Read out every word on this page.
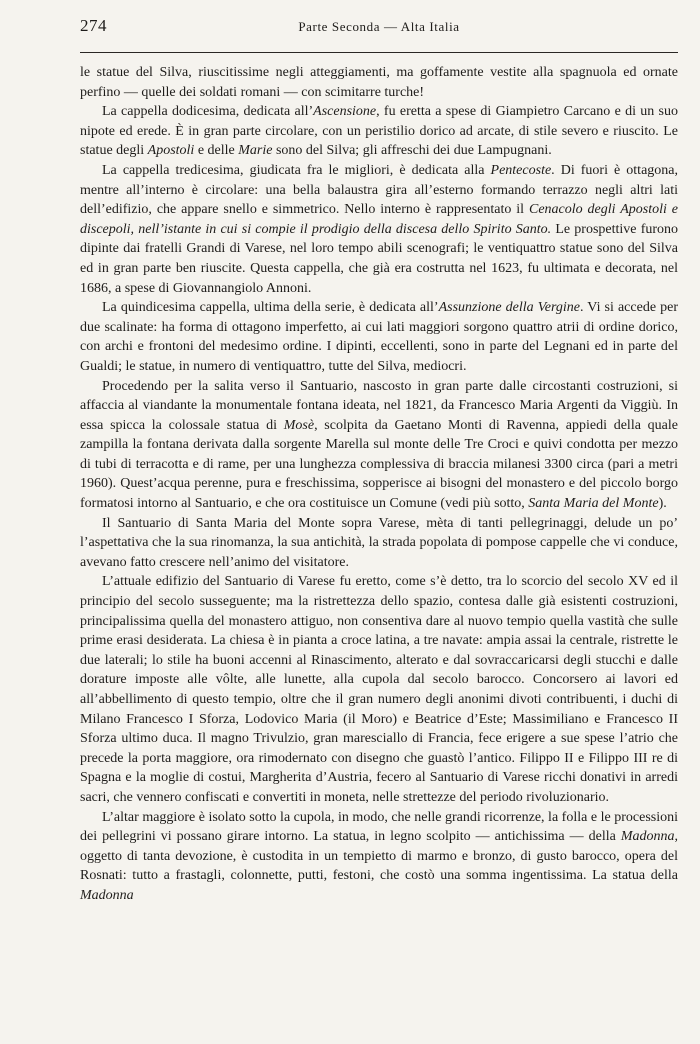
274	Parte Seconda — Alta Italia

le statue del Silva, riuscitissime negli atteggiamenti, ma goffamente vestite alla spagnuola ed ornate perfino — quelle dei soldati romani — con scimitarre turche!

La cappella dodicesima, dedicata all’Ascensione, fu eretta a spese di Giampietro Carcano e di un suo nipote ed erede. È in gran parte circolare, con un peristilio dorico ad arcate, di stile severo e riuscito. Le statue degli Apostoli e delle Marie sono del Silva; gli affreschi dei due Lampugnani.

La cappella tredicesima, giudicata fra le migliori, è dedicata alla Pentecoste. Di fuori è ottagona, mentre all’interno è circolare: una bella balaustra gira all’esterno formando terrazzo negli altri lati dell’edifizio, che appare snello e simmetrico. Nello interno è rappresentato il Cenacolo degli Apostoli e discepoli, nell’istante in cui si compie il prodigio della discesa dello Spirito Santo. Le prospettive furono dipinte dai fratelli Grandi di Varese, nel loro tempo abili scenografi; le ventiquattro statue sono del Silva ed in gran parte ben riuscite. Questa cappella, che già era costrutta nel 1623, fu ultimata e decorata, nel 1686, a spese di Giovannangiolo Annoni.

La quindicesima cappella, ultima della serie, è dedicata all’Assunzione della Vergine. Vi si accede per due scalinate: ha forma di ottagono imperfetto, ai cui lati maggiori sorgono quattro atrii di ordine dorico, con archi e frontoni del medesimo ordine. I dipinti, eccellenti, sono in parte del Legnani ed in parte del Gualdi; le statue, in numero di ventiquattro, tutte del Silva, mediocri.

Procedendo per la salita verso il Santuario, nascosto in gran parte dalle circostanti costruzioni, si affaccia al viandante la monumentale fontana ideata, nel 1821, da Francesco Maria Argenti da Viggiù. In essa spicca la colossale statua di Mosè, scolpita da Gaetano Monti di Ravenna, appiedi della quale zampilla la fontana derivata dalla sorgente Marella sul monte delle Tre Croci e quivi condotta per mezzo di tubi di terracotta e di rame, per una lunghezza complessiva di braccia milanesi 3300 circa (pari a metri 1960). Quest’acqua perenne, pura e freschissima, sopperisce ai bisogni del monastero e del piccolo borgo formatosi intorno al Santuario, e che ora costituisce un Comune (vedi più sotto, Santa Maria del Monte).

Il Santuario di Santa Maria del Monte sopra Varese, mèta di tanti pellegrinaggi, delude un po’ l’aspettativa che la sua rinomanza, la sua antichità, la strada popolata di pompose cappelle che vi conduce, avevano fatto crescere nell’animo del visitatore.

L’attuale edifizio del Santuario di Varese fu eretto, come s’è detto, tra lo scorcio del secolo XV ed il principio del secolo susseguente; ma la ristrettezza dello spazio, contesa dalle già esistenti costruzioni, principalissima quella del monastero attiguo, non consentiva dare al nuovo tempio quella vastità che sulle prime erasi desiderata. La chiesa è in pianta a croce latina, a tre navate: ampia assai la centrale, ristrette le due laterali; lo stile ha buoni accenni al Rinascimento, alterato e dal sovraccaricarsi degli stucchi e dalle dorature imposte alle vôlte, alle lunette, alla cupola dal secolo barocco. Concorsero ai lavori ed all’abbellimento di questo tempio, oltre che il gran numero degli anonimi divoti contribuenti, i duchi di Milano Francesco I Sforza, Lodovico Maria (il Moro) e Beatrice d’Este; Massimiliano e Francesco II Sforza ultimo duca. Il magno Trivulzio, gran maresciallo di Francia, fece erigere a sue spese l’atrio che precede la porta maggiore, ora rimodernato con disegno che guastò l’antico. Filippo II e Filippo III re di Spagna e la moglie di costui, Margherita d’Austria, fecero al Santuario di Varese ricchi donativi in arredi sacri, che vennero confiscati e convertiti in moneta, nelle strettezze del periodo rivoluzionario.

L’altar maggiore è isolato sotto la cupola, in modo, che nelle grandi ricorrenze, la folla e le processioni dei pellegrini vi possano girare intorno. La statua, in legno scolpito — antichissima — della Madonna, oggetto di tanta devozione, è custodita in un tempietto di marmo e bronzo, di gusto barocco, opera del Rosnati: tutto a frastagli, colonnette, putti, festoni, che costò una somma ingentissima. La statua della Madonna
